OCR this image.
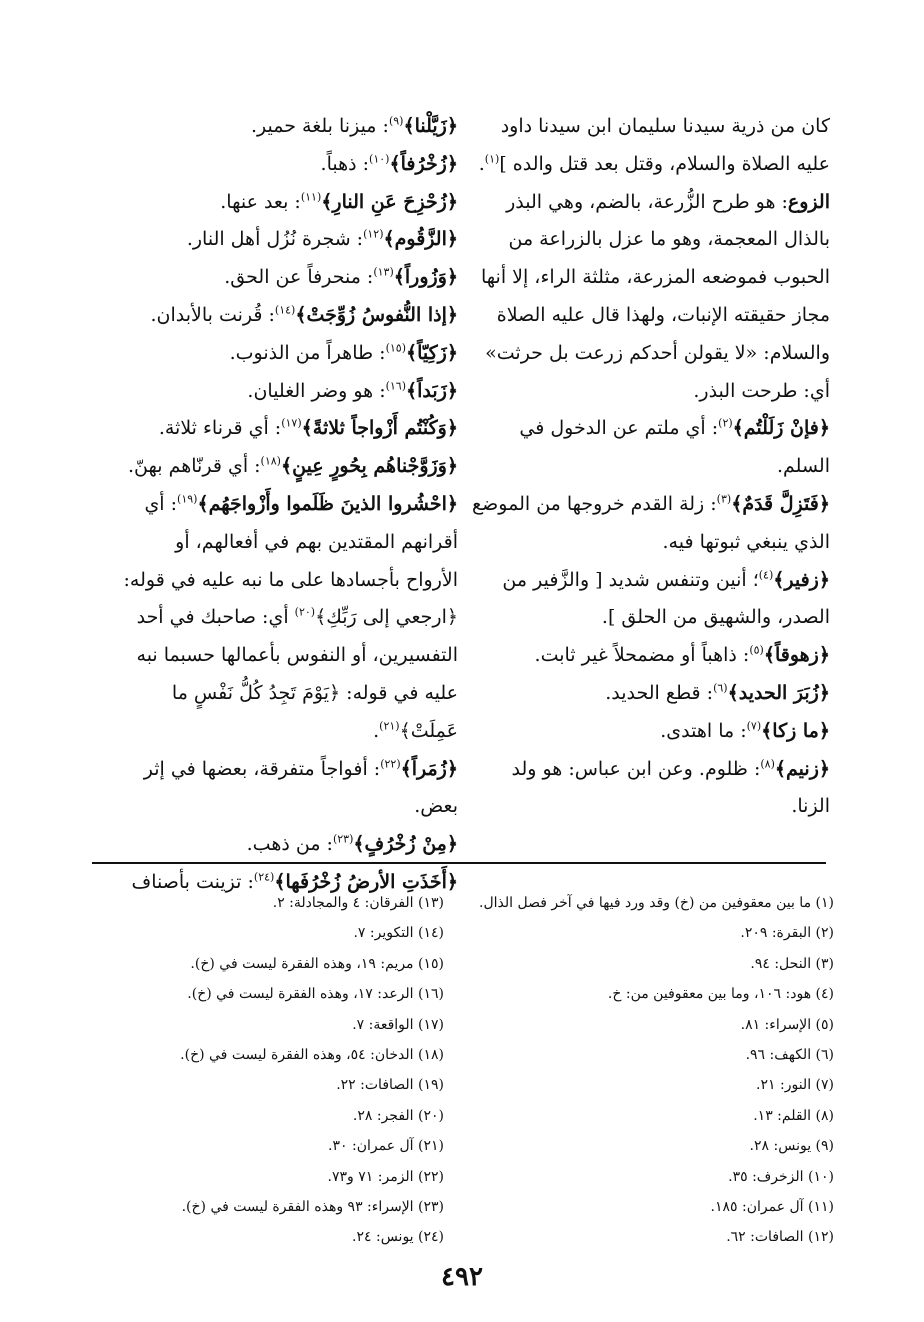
كان من ذرية سيدنا سليمان ابن سيدنا داود عليه الصلاة والسلام، وقتل بعد قتل والده ]$^{(١)}$.

الزوع: هو طرح الزُّرعة، بالضم، وهي البذر بالذال المعجمة، وهو ما عزل بالزراعة من الحبوب فموضعه المزرعة، مثلثة الراء، إلا أنها مجاز حقيقته الإنبات، ولهذا قال عليه الصلاة والسلام: «لا يقولن أحدكم زرعت بل حرثت» أي: طرحت البذر.

﴿فإنْ زَلَلْتُم﴾$^{(٢)}$: أي ملتم عن الدخول في السلم.

﴿فَتَزِلَّ قَدَمٌ﴾$^{(٣)}$: زلة القدم خروجها من الموضع الذي ينبغي ثبوتها فيه.

﴿زفير﴾$^{(٤)}$؛ أنين وتنفس شديد [ والزَّفير من الصدر، والشهيق من الحلق ].

﴿زهوقاً﴾$^{(٥)}$: ذاهباً أو مضمحلاً غير ثابت.

﴿زُبَرَ الحديد﴾$^{(٦)}$: قطع الحديد.

﴿ما زكا﴾$^{(٧)}$: ما اهتدى.

﴿زنيم﴾$^{(٨)}$: ظلوم. وعن ابن عباس: هو ولد الزنا.

﴿زَيَّلْنا﴾$^{(٩)}$: ميزنا بلغة حمير.

﴿زُخْرُفاً﴾$^{(١٠)}$: ذهباً.

﴿زُحْزِحَ عَنِ النارِ﴾$^{(١١)}$: بعد عنها.

﴿الزَّقُوم﴾$^{(١٢)}$: شجرة نُزُل أهل النار.

﴿وَزُوراً﴾$^{(١٣)}$: منحرفاً عن الحق.

﴿إذا النُّفوسُ زُوِّجَتْ﴾$^{(١٤)}$: قُرنت بالأبدان.

﴿زَكِيّاً﴾$^{(١٥)}$: طاهراً من الذنوب.

﴿زَبَداً﴾$^{(١٦)}$: هو وضر الغليان.

﴿وَكُنْتُم أَزْواجاً ثلاثةً﴾$^{(١٧)}$: أي قرناء ثلاثة.

﴿وَزَوَّجْناهُم بِحُورٍ عِينٍ﴾$^{(١٨)}$: أي قرنّاهم بهنّ.

﴿احْشُروا الذينَ ظَلَموا وأَزْواجَهُم﴾$^{(١٩)}$: أي أقرانهم المقتدين بهم في أفعالهم، أو الأرواح بأجسادها على ما نبه عليه في قوله: ﴿ارجعي إلى رَبِّكِ﴾$^{(٢٠)}$ أي: صاحبك في أحد التفسيرين، أو النفوس بأعمالها حسبما نبه عليه في قوله: ﴿يَوْمَ تَجِدُ كُلُّ نَفْسٍ ما عَمِلَتْ﴾$^{(٢١)}$.

﴿زُمَراً﴾$^{(٢٢)}$: أفواجاً متفرقة، بعضها في إثر بعض.

﴿مِنْ زُخْرُفٍ﴾$^{(٢٣)}$: من ذهب.

﴿أَخَذَتِ الأرضُ زُخْرُفَها﴾$^{(٢٤)}$: تزينت بأصناف

(١) ما بين معقوفين من (خ) وقد ورد فيها في آخر فصل الذال.
(٢) البقرة: ٢٠٩.
(٣) النحل: ٩٤.
(٤) هود: ١٠٦، وما بين معقوفين من: خ.
(٥) الإسراء: ٨١.
(٦) الكهف: ٩٦.
(٧) النور: ٢١.
(٨) القلم: ١٣.
(٩) يونس: ٢٨.
(١٠) الزخرف: ٣٥.
(١١) آل عمران: ١٨٥.
(١٢) الصافات: ٦٢.
(١٣) الفرقان: ٤ والمجادلة: ٢.
(١٤) التكوير: ٧.
(١٥) مريم: ١٩، وهذه الفقرة ليست في (خ).
(١٦) الرعد: ١٧، وهذه الفقرة ليست في (خ).
(١٧) الواقعة: ٧.
(١٨) الدخان: ٥٤، وهذه الفقرة ليست في (خ).
(١٩) الصافات: ٢٢.
(٢٠) الفجر: ٢٨.
(٢١) آل عمران: ٣٠.
(٢٢) الزمر: ٧١ و٧٣.
(٢٣) الإسراء: ٩٣ وهذه الفقرة ليست في (خ).
(٢٤) يونس: ٢٤.
٤٩٢
